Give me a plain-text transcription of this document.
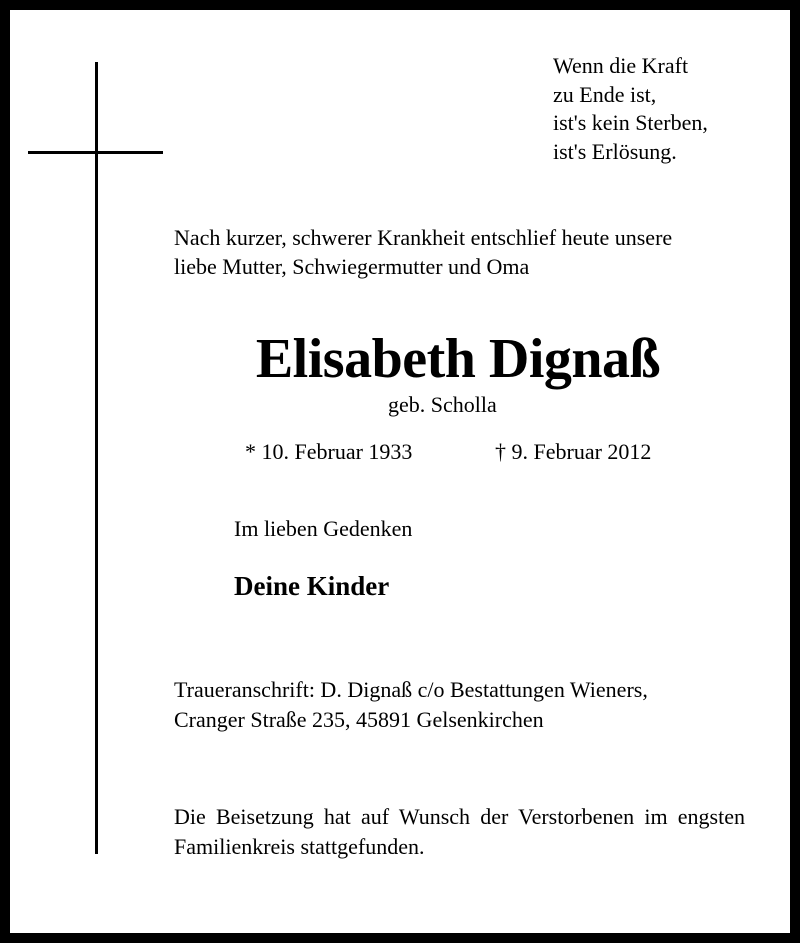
Wenn die Kraft
zu Ende ist,
ist's kein Sterben,
ist's Erlösung.
Nach kurzer, schwerer Krankheit entschlief heute unsere
liebe Mutter, Schwiegermutter und Oma
Elisabeth Dignaß
geb. Scholla
* 10. Februar 1933	† 9. Februar 2012
Im lieben Gedenken
Deine Kinder
Traueranschrift: D. Dignaß c/o Bestattungen Wieners,
Cranger Straße 235, 45891 Gelsenkirchen
Die Beisetzung hat auf Wunsch der Verstorbenen im engsten Familienkreis stattgefunden.
